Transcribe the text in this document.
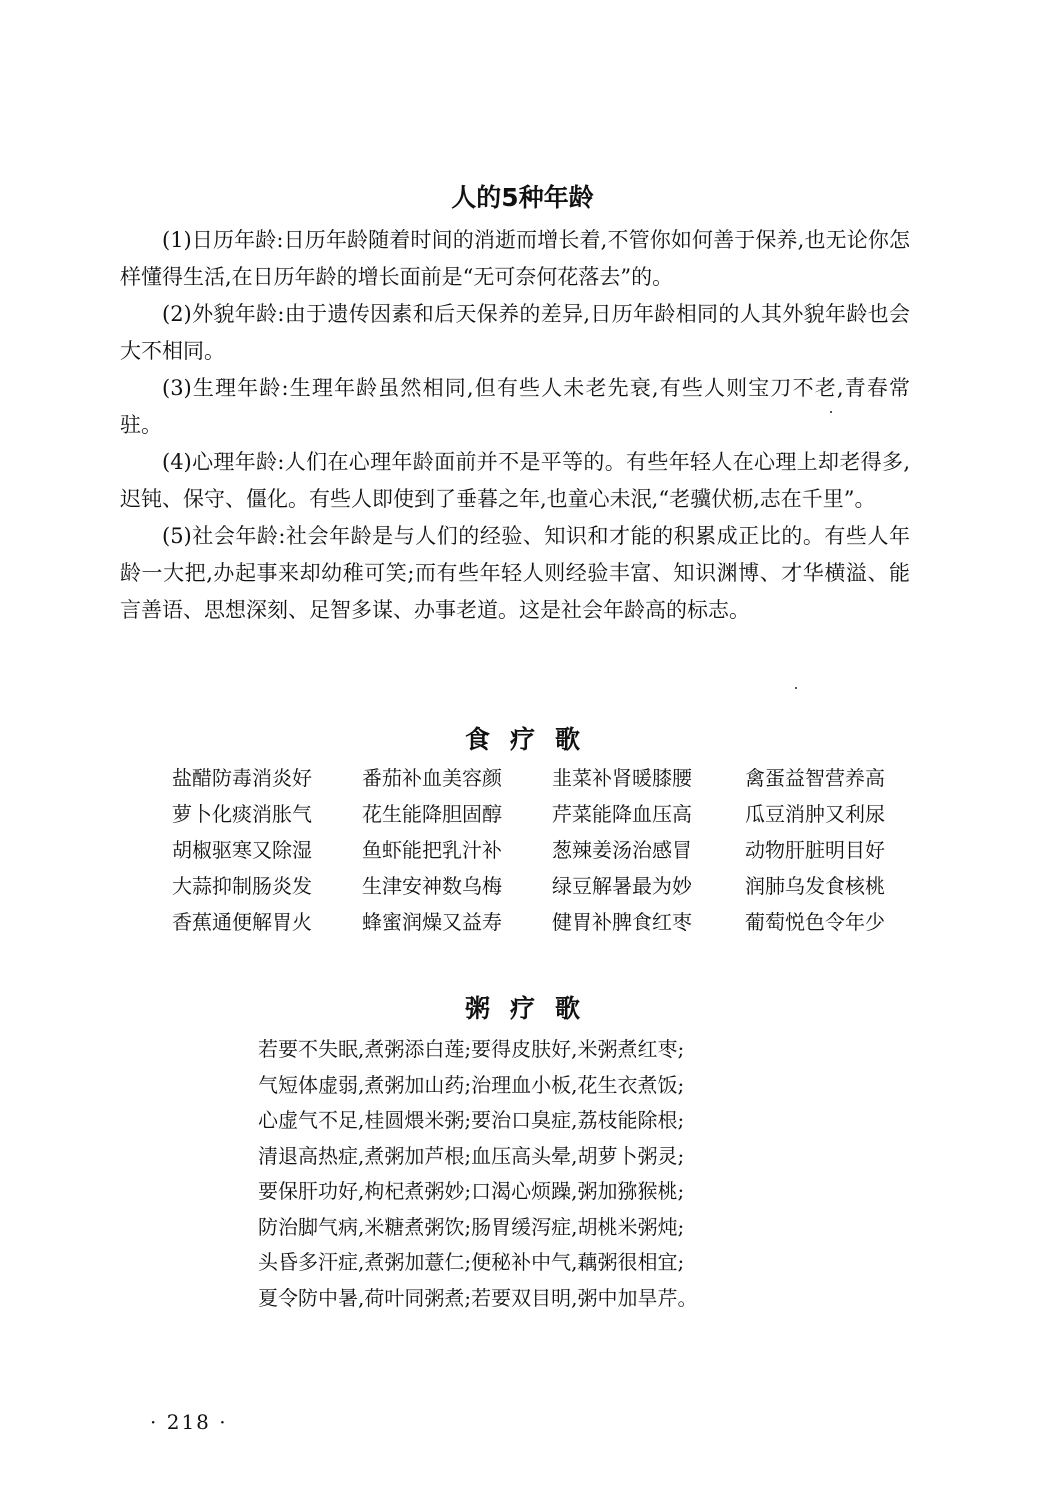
人的5种年龄

(1)日历年龄:日历年龄随着时间的消逝而增长着,不管你如何善于保养,也无论你怎样懂得生活,在日历年龄的增长面前是“无可奈何花落去”的。

(2)外貌年龄:由于遗传因素和后天保养的差异,日历年龄相同的人其外貌年龄也会大不相同。

(3)生理年龄:生理年龄虽然相同,但有些人未老先衰,有些人则宝刀不老,青春常驻。

(4)心理年龄:人们在心理年龄面前并不是平等的。有些年轻人在心理上却老得多,迟钝、保守、僵化。有些人即使到了垂暮之年,也童心未泯,“老骥伏枥,志在千里”。

(5)社会年龄:社会年龄是与人们的经验、知识和才能的积累成正比的。有些人年龄一大把,办起事来却幼稚可笑;而有些年轻人则经验丰富、知识渊博、才华横溢、能言善语、思想深刻、足智多谋、办事老道。这是社会年龄高的标志。

食疗歌
盐醋防毒消炎好	番茄补血美容颜	韭菜补肾暖膝腰	禽蛋益智营养高
萝卜化痰消胀气	花生能降胆固醇	芹菜能降血压高	瓜豆消肿又利尿
胡椒驱寒又除湿	鱼虾能把乳汁补	葱辣姜汤治感冒	动物肝脏明目好
大蒜抑制肠炎发	生津安神数乌梅	绿豆解暑最为妙	润肺乌发食核桃
香蕉通便解胃火	蜂蜜润燥又益寿	健胃补脾食红枣	葡萄悦色令年少
粥疗歌
若要不失眠,煮粥添白莲;要得皮肤好,米粥煮红枣;
气短体虚弱,煮粥加山药;治理血小板,花生衣煮饭;
心虚气不足,桂圆煨米粥;要治口臭症,荔枝能除根;
清退高热症,煮粥加芦根;血压高头晕,胡萝卜粥灵;
要保肝功好,枸杞煮粥妙;口渴心烦躁,粥加猕猴桃;
防治脚气病,米糖煮粥饮;肠胃缓泻症,胡桃米粥炖;
头昏多汗症,煮粥加薏仁;便秘补中气,藕粥很相宜;
夏令防中暑,荷叶同粥煮;若要双目明,粥中加旱芹。
· 218 ·
